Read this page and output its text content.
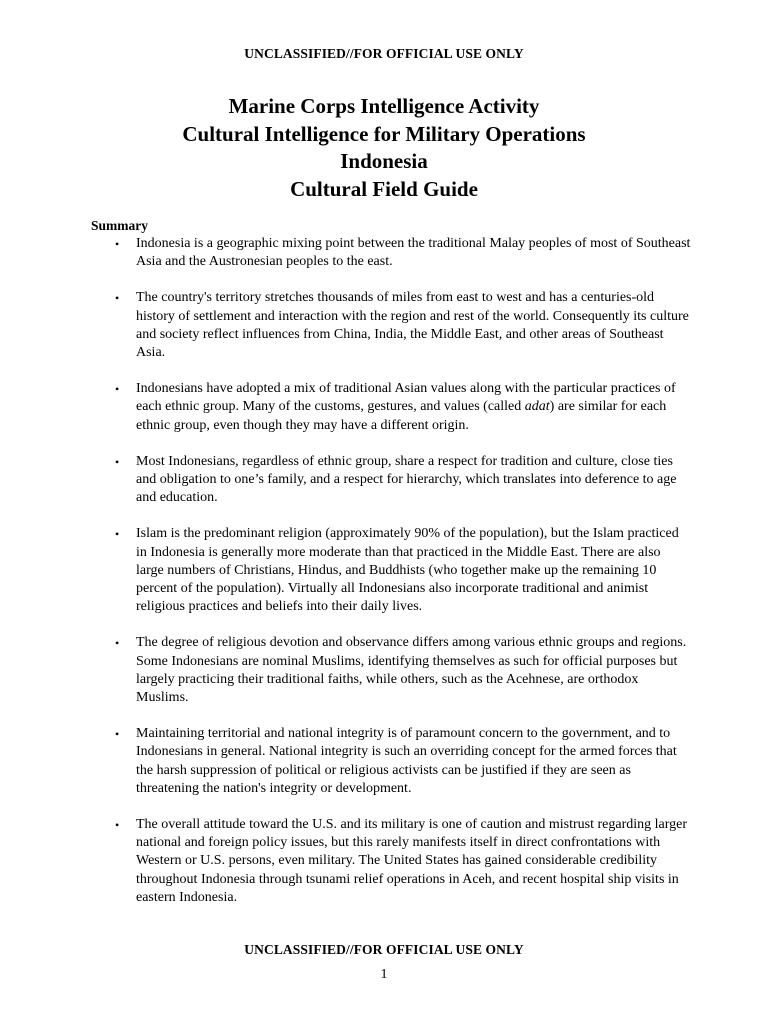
UNCLASSIFIED//FOR OFFICIAL USE ONLY
Marine Corps Intelligence Activity
Cultural Intelligence for Military Operations
Indonesia
Cultural Field Guide
Summary
• Indonesia is a geographic mixing point between the traditional Malay peoples of most of Southeast Asia and the Austronesian peoples to the east.
• The country's territory stretches thousands of miles from east to west and has a centuries-old history of settlement and interaction with the region and rest of the world. Consequently its culture and society reflect influences from China, India, the Middle East, and other areas of Southeast Asia.
• Indonesians have adopted a mix of traditional Asian values along with the particular practices of each ethnic group. Many of the customs, gestures, and values (called adat) are similar for each ethnic group, even though they may have a different origin.
• Most Indonesians, regardless of ethnic group, share a respect for tradition and culture, close ties and obligation to one’s family, and a respect for hierarchy, which translates into deference to age and education.
• Islam is the predominant religion (approximately 90% of the population), but the Islam practiced in Indonesia is generally more moderate than that practiced in the Middle East. There are also large numbers of Christians, Hindus, and Buddhists (who together make up the remaining 10 percent of the population). Virtually all Indonesians also incorporate traditional and animist religious practices and beliefs into their daily lives.
• The degree of religious devotion and observance differs among various ethnic groups and regions. Some Indonesians are nominal Muslims, identifying themselves as such for official purposes but largely practicing their traditional faiths, while others, such as the Acehnese, are orthodox Muslims.
• Maintaining territorial and national integrity is of paramount concern to the government, and to Indonesians in general. National integrity is such an overriding concept for the armed forces that the harsh suppression of political or religious activists can be justified if they are seen as threatening the nation's integrity or development.
• The overall attitude toward the U.S. and its military is one of caution and mistrust regarding larger national and foreign policy issues, but this rarely manifests itself in direct confrontations with Western or U.S. persons, even military. The United States has gained considerable credibility throughout Indonesia through tsunami relief operations in Aceh, and recent hospital ship visits in eastern Indonesia.
UNCLASSIFIED//FOR OFFICIAL USE ONLY
1
